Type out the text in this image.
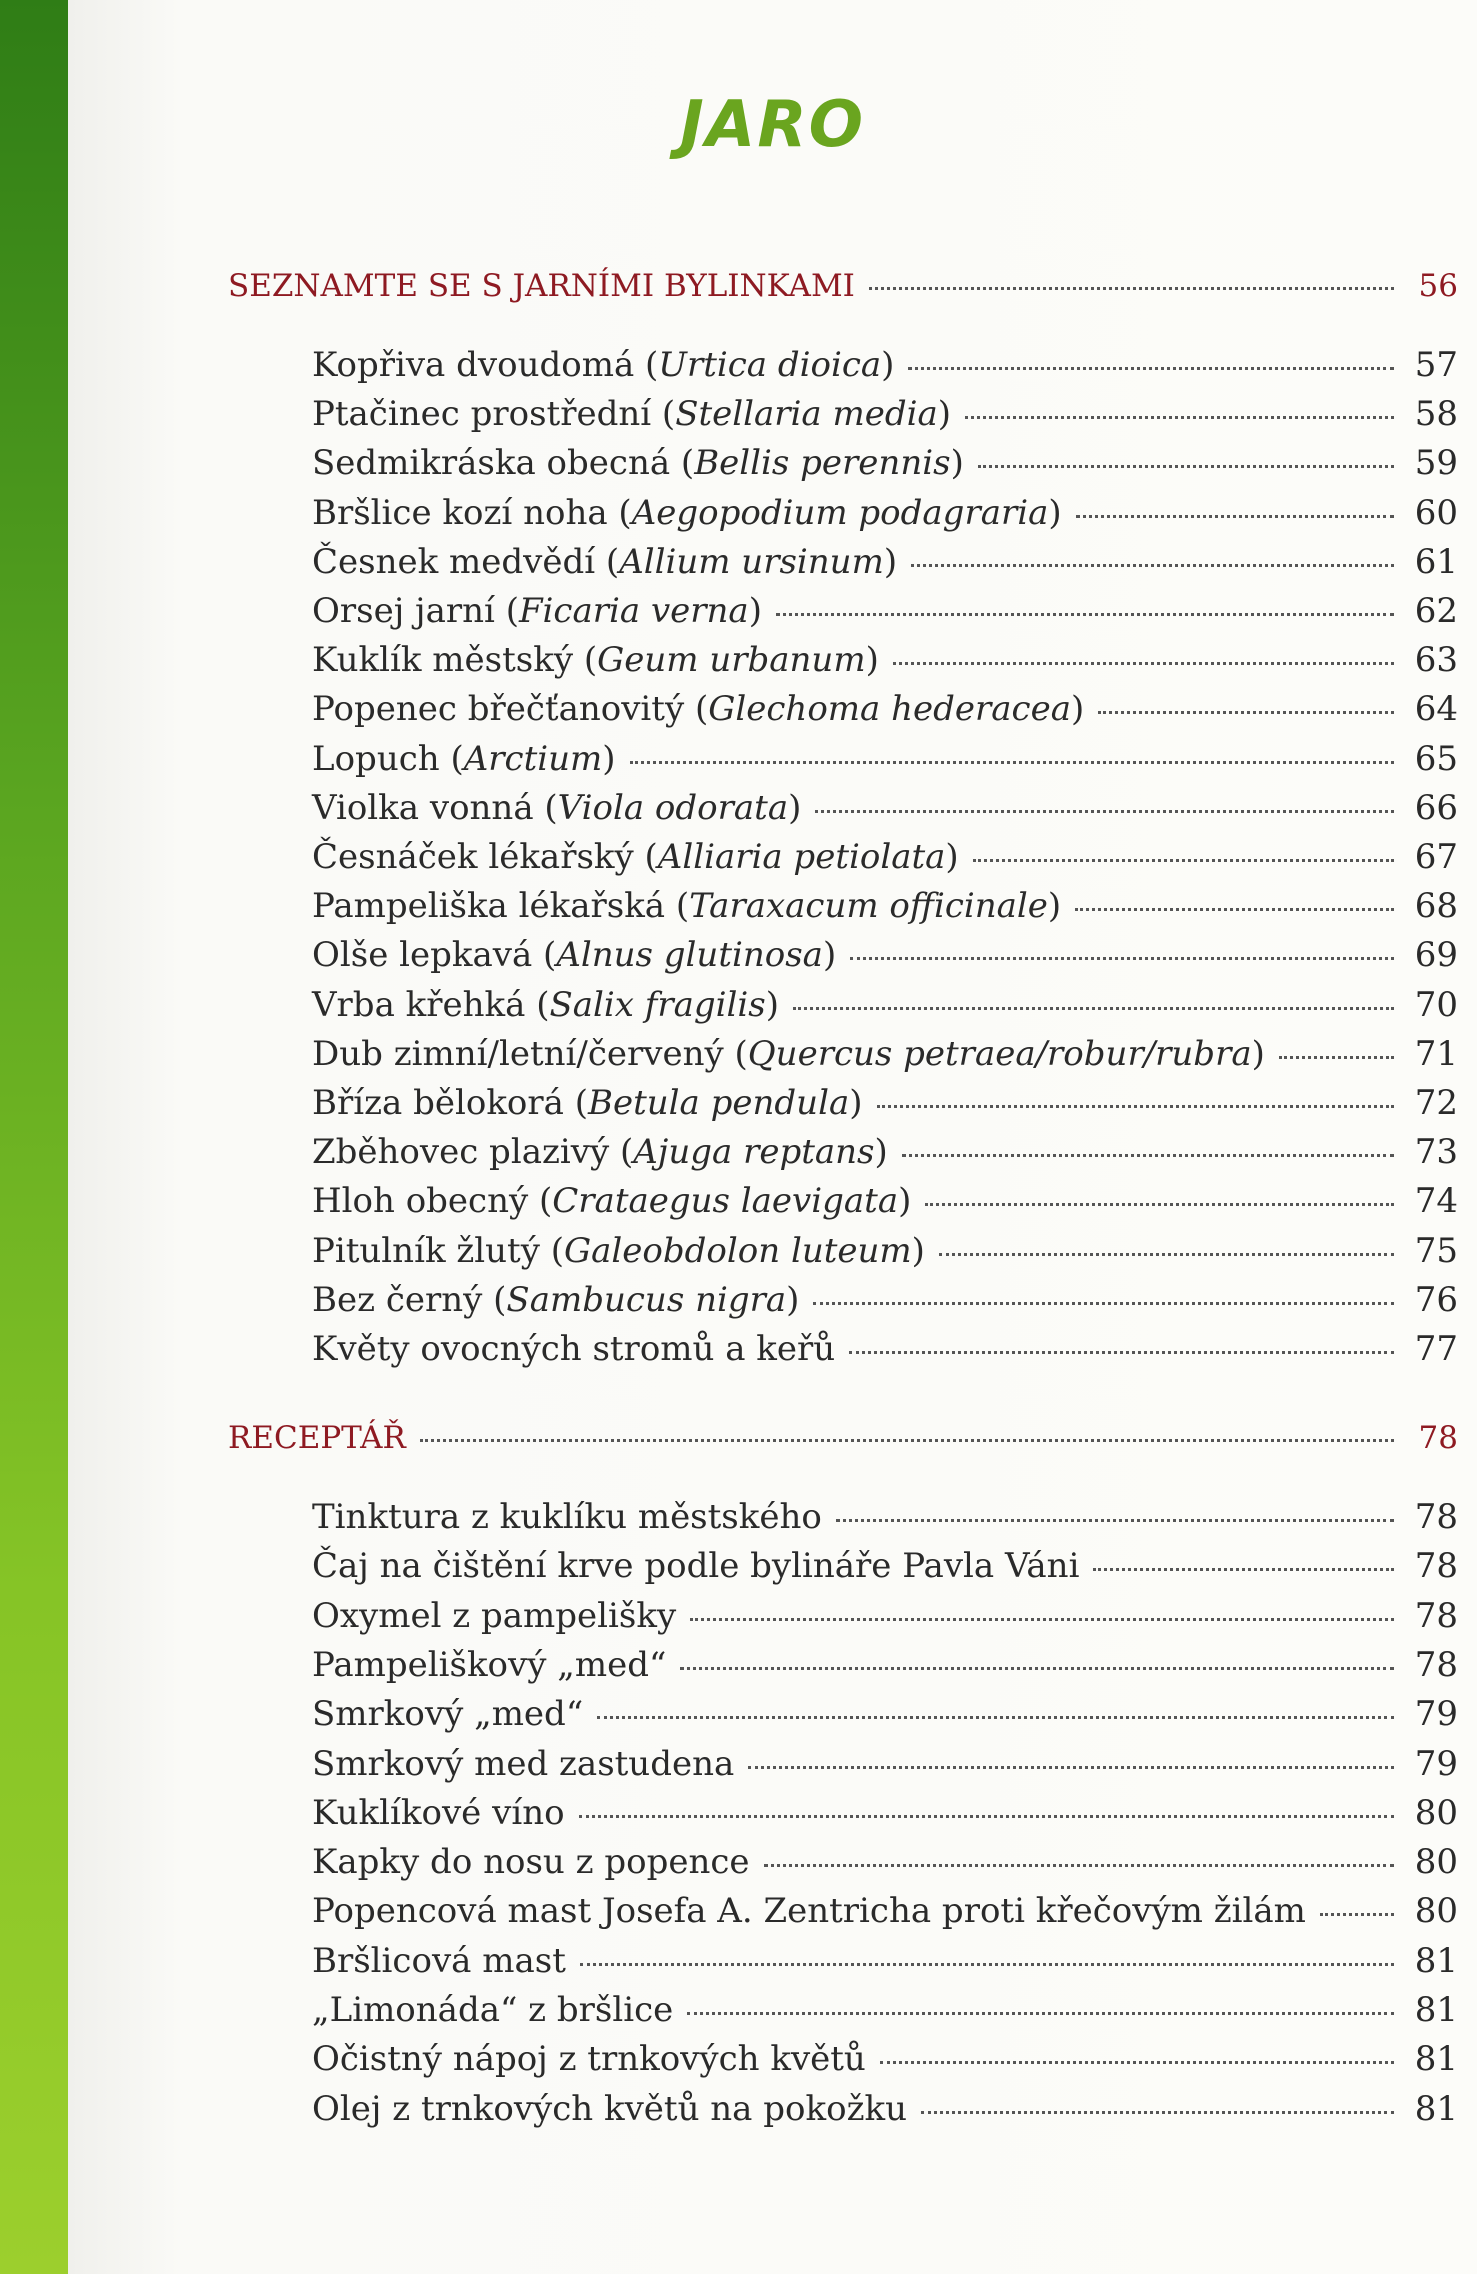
JARO
SEZNAMTE SE S JARNÍMI BYLINKAMI	56
Kopřiva dvoudomá (Urtica dioica)	57
Ptačinec prostřední (Stellaria media)	58
Sedmikráska obecná (Bellis perennis)	59
Bršlice kozí noha (Aegopodium podagraria)	60
Česnek medvědí (Allium ursinum)	61
Orsej jarní (Ficaria verna)	62
Kuklík městský (Geum urbanum)	63
Popenec břečťanovitý (Glechoma hederacea)	64
Lopuch (Arctium)	65
Violka vonná (Viola odorata)	66
Česnáček lékařský (Alliaria petiolata)	67
Pampeliška lékařská (Taraxacum officinale)	68
Olše lepkavá (Alnus glutinosa)	69
Vrba křehká (Salix fragilis)	70
Dub zimní/letní/červený (Quercus petraea/robur/rubra)	71
Bříza bělokorá (Betula pendula)	72
Zběhovec plazivý (Ajuga reptans)	73
Hloh obecný (Crataegus laevigata)	74
Pitulník žlutý (Galeobdolon luteum)	75
Bez černý (Sambucus nigra)	76
Květy ovocných stromů a keřů	77
RECEPTÁŘ	78
Tinktura z kuklíku městského	78
Čaj na čištění krve podle bylináře Pavla Váni	78
Oxymel z pampelišky	78
Pampeliškový „med“	78
Smrkový „med“	79
Smrkový med zastudena	79
Kuklíkové víno	80
Kapky do nosu z popence	80
Popencová mast Josefa A. Zentricha proti křečovým žilám	80
Bršlicová mast	81
„Limonáda“ z bršlice	81
Očistný nápoj z trnkových květů	81
Olej z trnkových květů na pokožku	81
